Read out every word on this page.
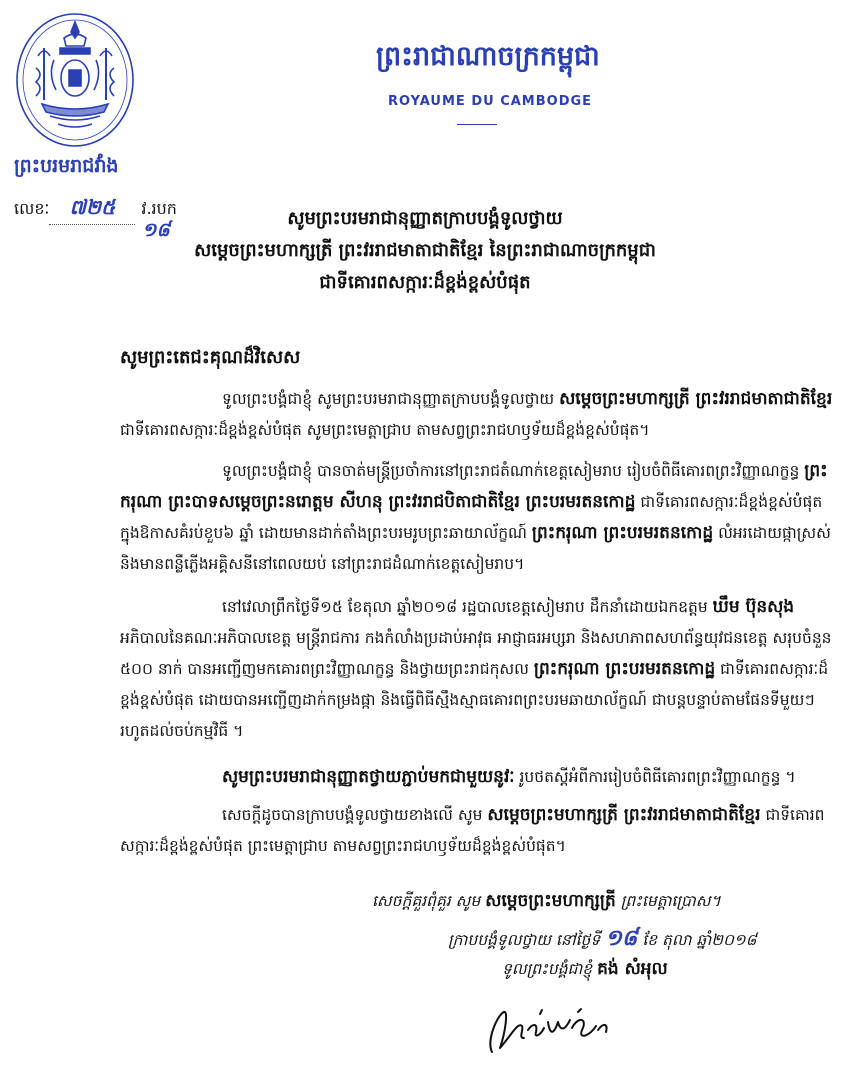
ព្រះរាជាណាចក្រកម្ពុជា
ROYAUME DU CAMBODGE
ព្រះបរមរាជវាំង
លេខៈ ៧២៥ វ.របក
១៨
សូមព្រះបរមរាជានុញ្ញាតក្រាបបង្គំទូលថ្វាយ
សម្តេចព្រះមហាក្សត្រី ព្រះវររាជមាតាជាតិខ្មែរ នៃព្រះរាជាណាចក្រកម្ពុជា
ជាទីគោរពសក្ការៈដ៏ខ្ពង់ខ្ពស់បំផុត
សូមព្រះតេជះគុណដ៏វិសេស
ទូលព្រះបង្គំជាខ្ញុំ សូមព្រះបរមរាជានុញ្ញាតក្រាបបង្គំទូលថ្វាយ សម្តេចព្រះមហាក្សត្រី ព្រះវររាជមាតាជាតិខ្មែរ ជាទីគោរពសក្ការៈដ៏ខ្ពង់ខ្ពស់បំផុត សូមព្រះមេត្តាជ្រាប តាមសព្វព្រះរាជហឫទ័យដ៏ខ្ពង់ខ្ពស់បំផុត។
ទូលព្រះបង្គំជាខ្ញុំ បានចាត់មន្ត្រីប្រចាំការនៅព្រះរាជតំណាក់ខេត្តសៀមរាប រៀបចំពិធីគោរពព្រះវិញ្ញាណក្ខន្ធ ព្រះករុណា ព្រះបាទសម្តេចព្រះនរោត្តម សីហនុ ព្រះវររាជបិតាជាតិខ្មែរ ព្រះបរមរតនកោដ្ឋ ជាទីគោរពសក្ការៈដ៏ខ្ពង់ខ្ពស់បំផុត ក្នុងឱកាសគំរប់ខួប៦ ឆ្នាំ ដោយមានដាក់តាំងព្រះបរមរូបព្រះឆាយាល័ក្ខណ៍ ព្រះករុណា ព្រះបរមរតនកោដ្ឋ លំអរដោយផ្កាស្រស់ និងមានពន្លឺភ្លើងអគ្គិសនីនៅពេលយប់ នៅព្រះរាជដំណាក់ខេត្តសៀមរាប។
នៅវេលាព្រឹកថ្ងៃទី១៥ ខែតុលា ឆ្នាំ២០១៨ រដ្ឋបាលខេត្តសៀមរាប ដឹកនាំដោយឯកឧត្តម ឃឹម ប៊ុនសុង អភិបាលនៃគណៈអភិបាលខេត្ត មន្ត្រីរាជការ កងកំលាំងប្រដាប់អាវុធ អាជ្ញាធរអប្សរា និងសហភាពសហព័ន្ធយុវជនខេត្ត សរុបចំនួន ៥០០ នាក់ បានអញ្ជើញមកគោរពព្រះវិញ្ញាណក្ខន្ធ និងថ្វាយព្រះរាជកុសល ព្រះករុណា ព្រះបរមរតនកោដ្ឋ ជាទីគោរពសក្ការៈដ៏ខ្ពង់ខ្ពស់បំផុត ដោយបានអញ្ជើញដាក់កម្រងផ្កា និងធ្វើពិធីស្មឹងស្មាធគោរពព្រះបរមឆាយាល័ក្ខណ៍ ជាបន្តបន្ទាប់តាមផែនទីមួយៗ រហូតដល់ចប់កម្មវិធី ។
សូមព្រះបរមរាជានុញ្ញាតថ្វាយភ្ជាប់មកជាមួយនូវៈ រូបថតស្តីអំពីការរៀបចំពិធីគោរពព្រះវិញ្ញាណក្ខន្ធ ។
សេចក្តីដូចបានក្រាបបង្គំទូលថ្វាយខាងលើ សូម សម្តេចព្រះមហាក្សត្រី ព្រះវររាជមាតាជាតិខ្មែរ ជាទីគោរពសក្ការៈដ៏ខ្ពង់ខ្ពស់បំផុត ព្រះមេត្តាជ្រាប តាមសព្វព្រះរាជហឫទ័យដ៏ខ្ពង់ខ្ពស់បំផុត។
សេចក្តីគួរពុំគួរ សូម សម្តេចព្រះមហាក្សត្រី ព្រះមេត្តាប្រោស។
ក្រាបបង្គំទូលថ្វាយ នៅថ្ងៃទី ១៨ ខែ តុលា ឆ្នាំ២០១៨
ទូលព្រះបង្គំជាខ្ញុំ គង់ សំអុល
